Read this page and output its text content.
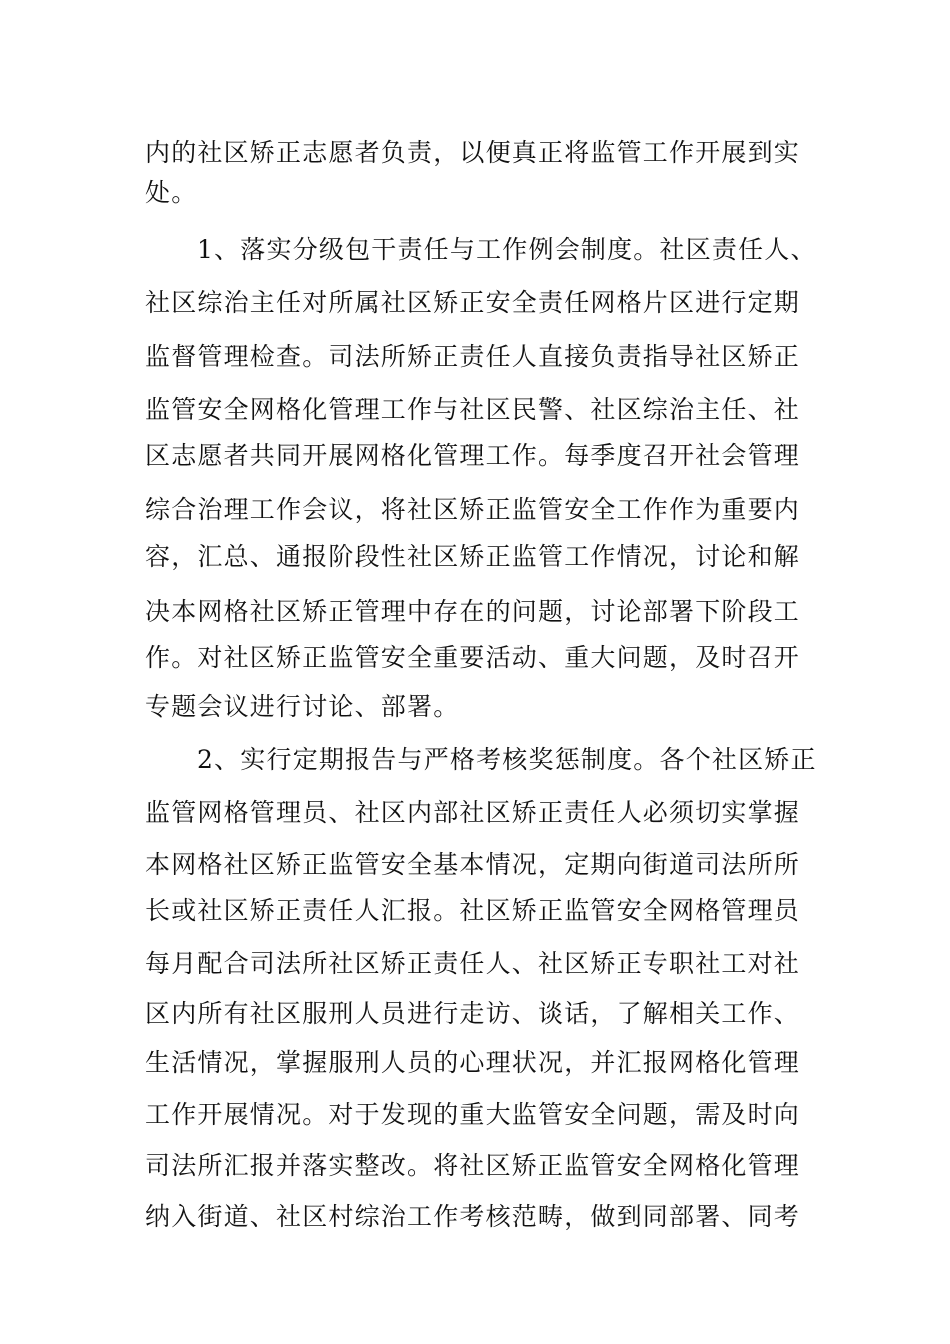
内的社区矫正志愿者负责，以便真正将监管工作开展到实
处。
1、落实分级包干责任与工作例会制度。社区责任人、
社区综治主任对所属社区矫正安全责任网格片区进行定期
监督管理检查。司法所矫正责任人直接负责指导社区矫正
监管安全网格化管理工作与社区民警、社区综治主任、社
区志愿者共同开展网格化管理工作。每季度召开社会管理
综合治理工作会议，将社区矫正监管安全工作作为重要内
容，汇总、通报阶段性社区矫正监管工作情况，讨论和解
决本网格社区矫正管理中存在的问题，讨论部署下阶段工
作。对社区矫正监管安全重要活动、重大问题，及时召开
专题会议进行讨论、部署。
2、实行定期报告与严格考核奖惩制度。各个社区矫正
监管网格管理员、社区内部社区矫正责任人必须切实掌握
本网格社区矫正监管安全基本情况，定期向街道司法所所
长或社区矫正责任人汇报。社区矫正监管安全网格管理员
每月配合司法所社区矫正责任人、社区矫正专职社工对社
区内所有社区服刑人员进行走访、谈话，了解相关工作、
生活情况，掌握服刑人员的心理状况，并汇报网格化管理
工作开展情况。对于发现的重大监管安全问题，需及时向
司法所汇报并落实整改。将社区矫正监管安全网格化管理
纳入街道、社区村综治工作考核范畴，做到同部署、同考
